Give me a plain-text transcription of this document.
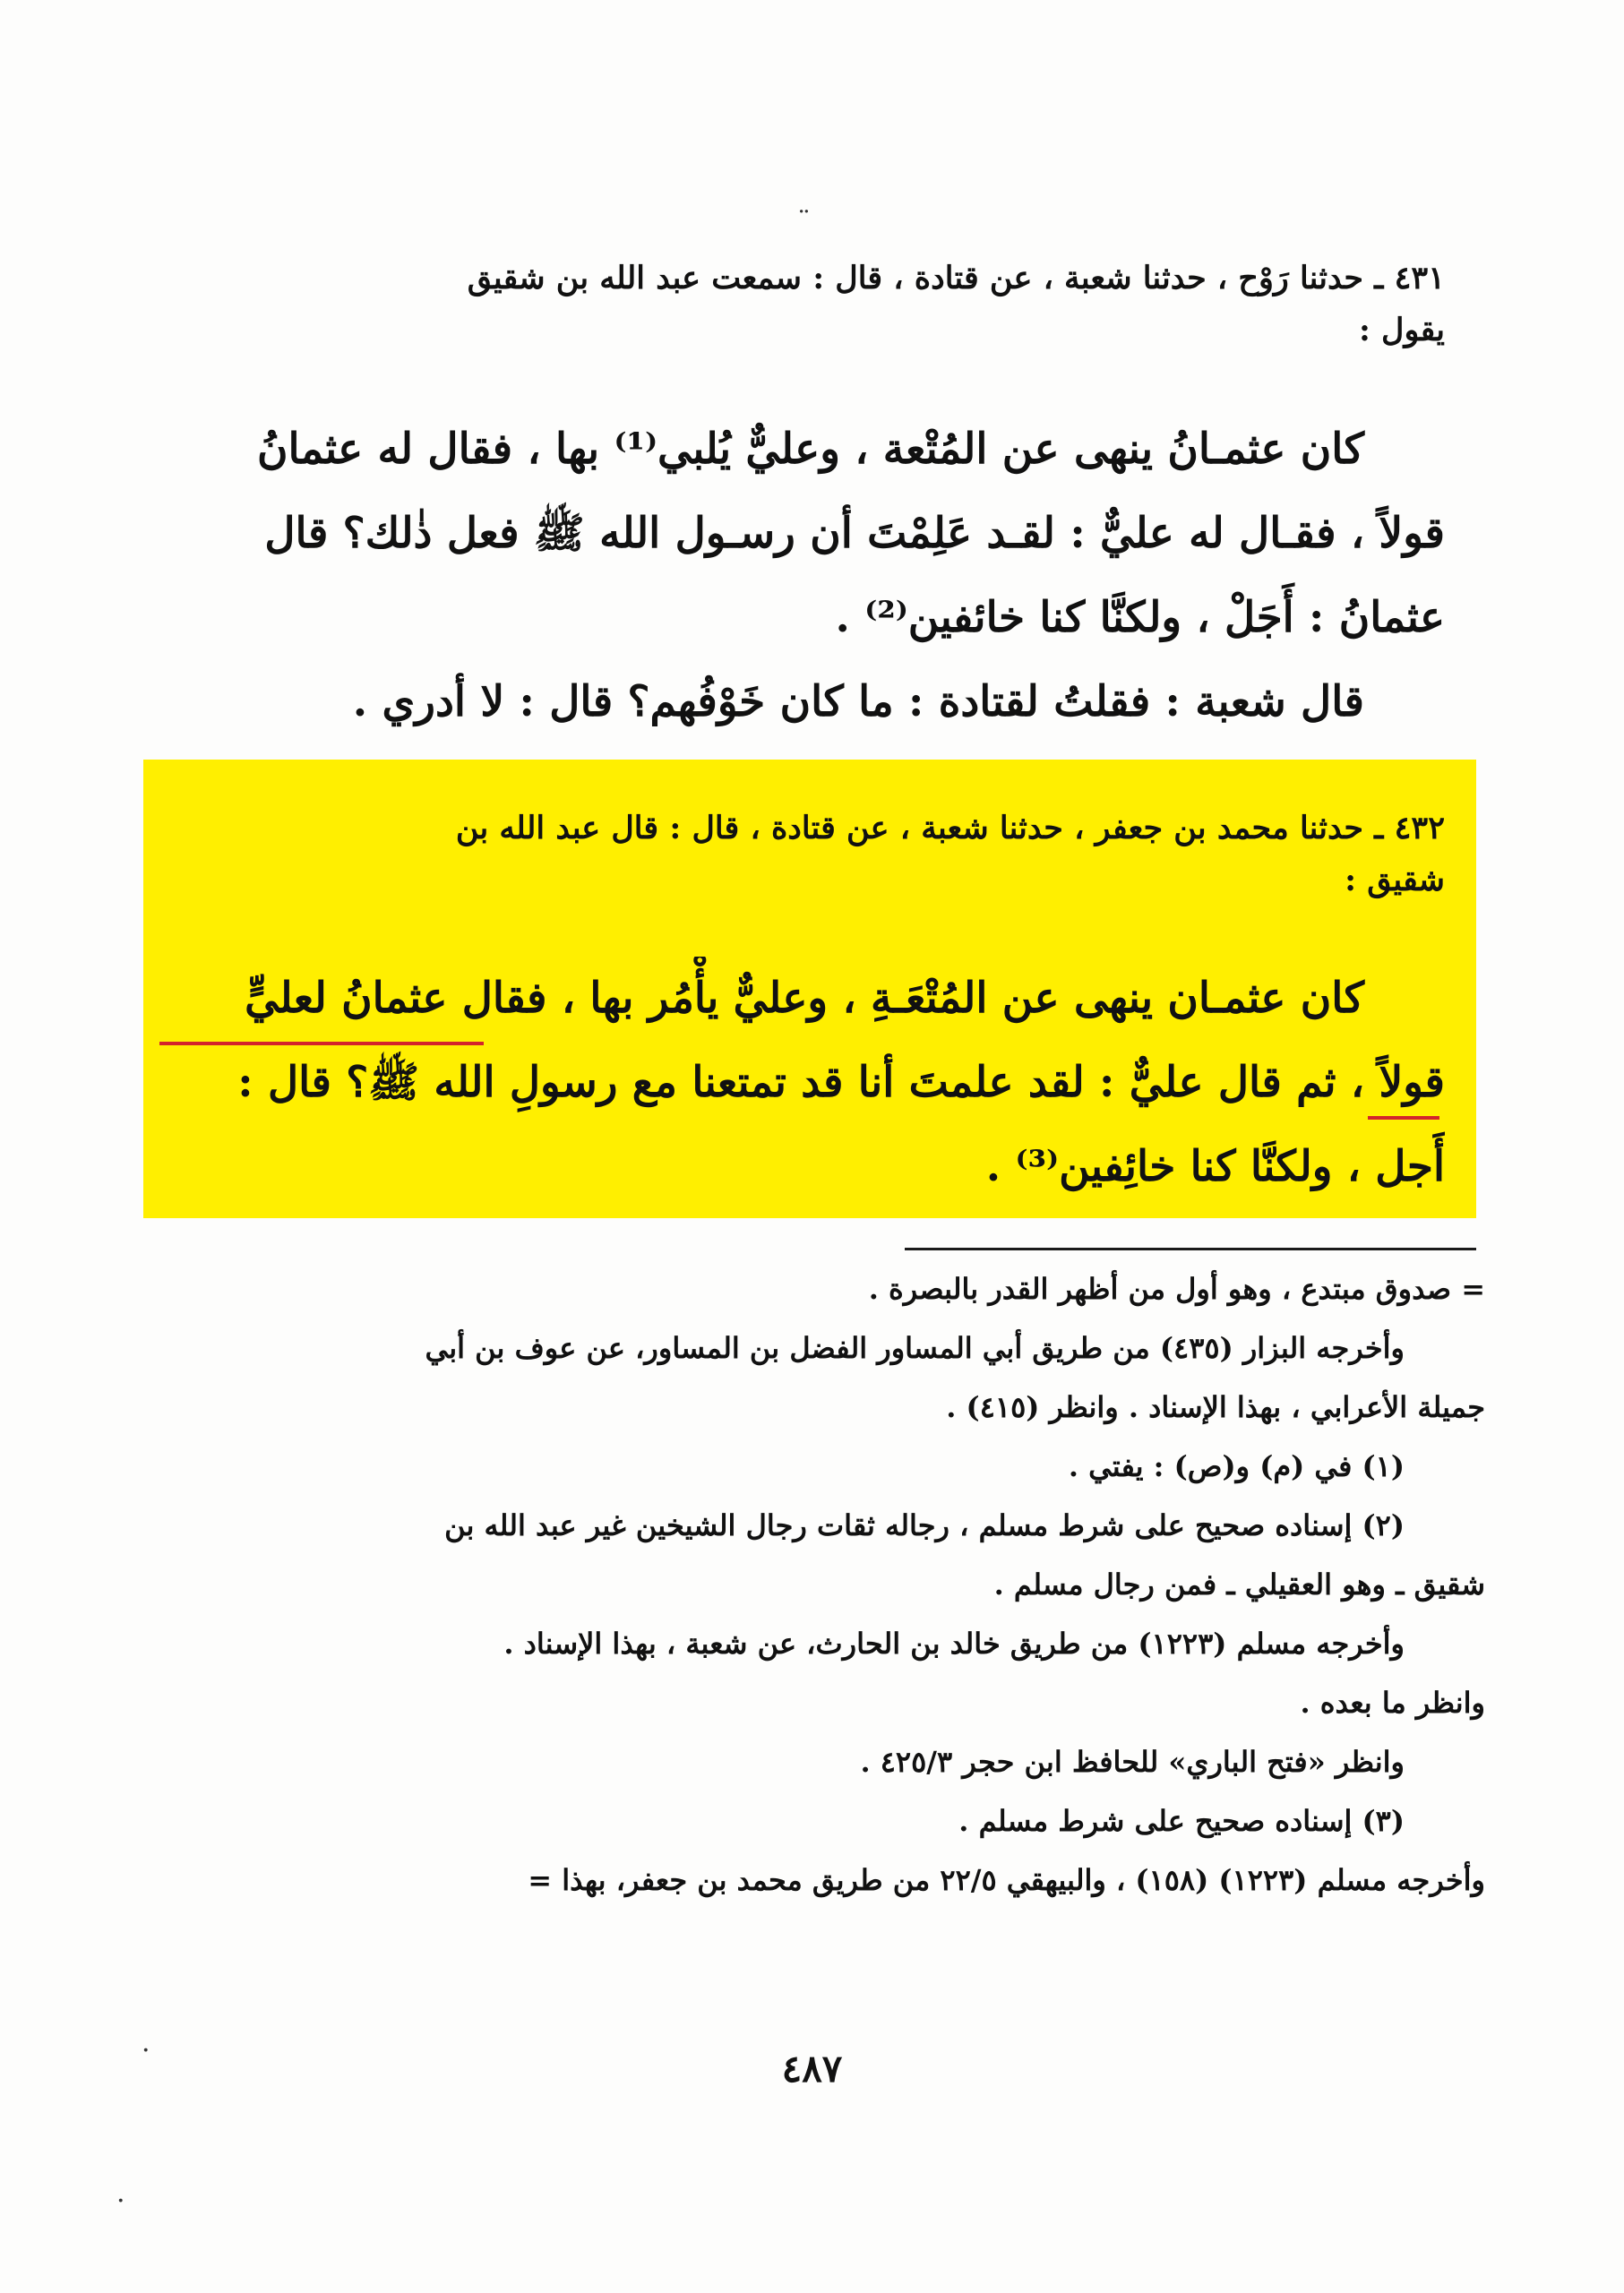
¨
٤٣١ ـ حدثنا رَوْح ، حدثنا شعبة ، عن قتادة ، قال : سمعت عبد الله بن شقيق
يقول :
كان عثمـانُ ينهى عن المُتْعة ، وعليٌّ يُلبي⁽¹⁾ بها ، فقال له عثمانُ
قولاً ، فقـال له عليٌّ : لقـد عَلِمْتَ أن رسـول الله ﷺ فعل ذٰلك؟ قال
عثمانُ : أَجَلْ ، ولكنَّا كنا خائفين⁽²⁾ .
قال شعبة : فقلتُ لقتادة : ما كان خَوْفُهم؟ قال : لا أدري .
٤٣٢ ـ حدثنا محمد بن جعفر ، حدثنا شعبة ، عن قتادة ، قال : قال عبد الله بن
شقيق :
كان عثمـان ينهى عن المُتْعَـةِ ، وعليٌّ يأْمُر بها ، فقال عثمانُ لعليٍّ
قولاً ، ثم قال عليٌّ : لقد علمتَ أنا قد تمتعنا مع رسولِ الله ﷺ؟ قال :
أَجل ، ولكنَّا كنا خائِفين⁽³⁾ .
= صدوق مبتدع ، وهو أول من أظهر القدر بالبصرة .
وأخرجه البزار (٤٣٥) من طريق أبي المساور الفضل بن المساور، عن عوف بن أبي
جميلة الأعرابي ، بهذا الإسناد . وانظر (٤١٥) .
(١) في (م) و(ص) : يفتي .
(٢) إسناده صحيح على شرط مسلم ، رجاله ثقات رجال الشيخين غير عبد الله بن
شقيق ـ وهو العقيلي ـ فمن رجال مسلم .
وأخرجه مسلم (١٢٢٣) من طريق خالد بن الحارث، عن شعبة ، بهذا الإسناد .
وانظر ما بعده .
وانظر «فتح الباري» للحافظ ابن حجر ٤٢٥/٣ .
(٣) إسناده صحيح على شرط مسلم .
وأخرجه مسلم (١٢٢٣) (١٥٨) ، والبيهقي ٢٢/٥ من طريق محمد بن جعفر، بهذا =
·
·
٤٨٧
